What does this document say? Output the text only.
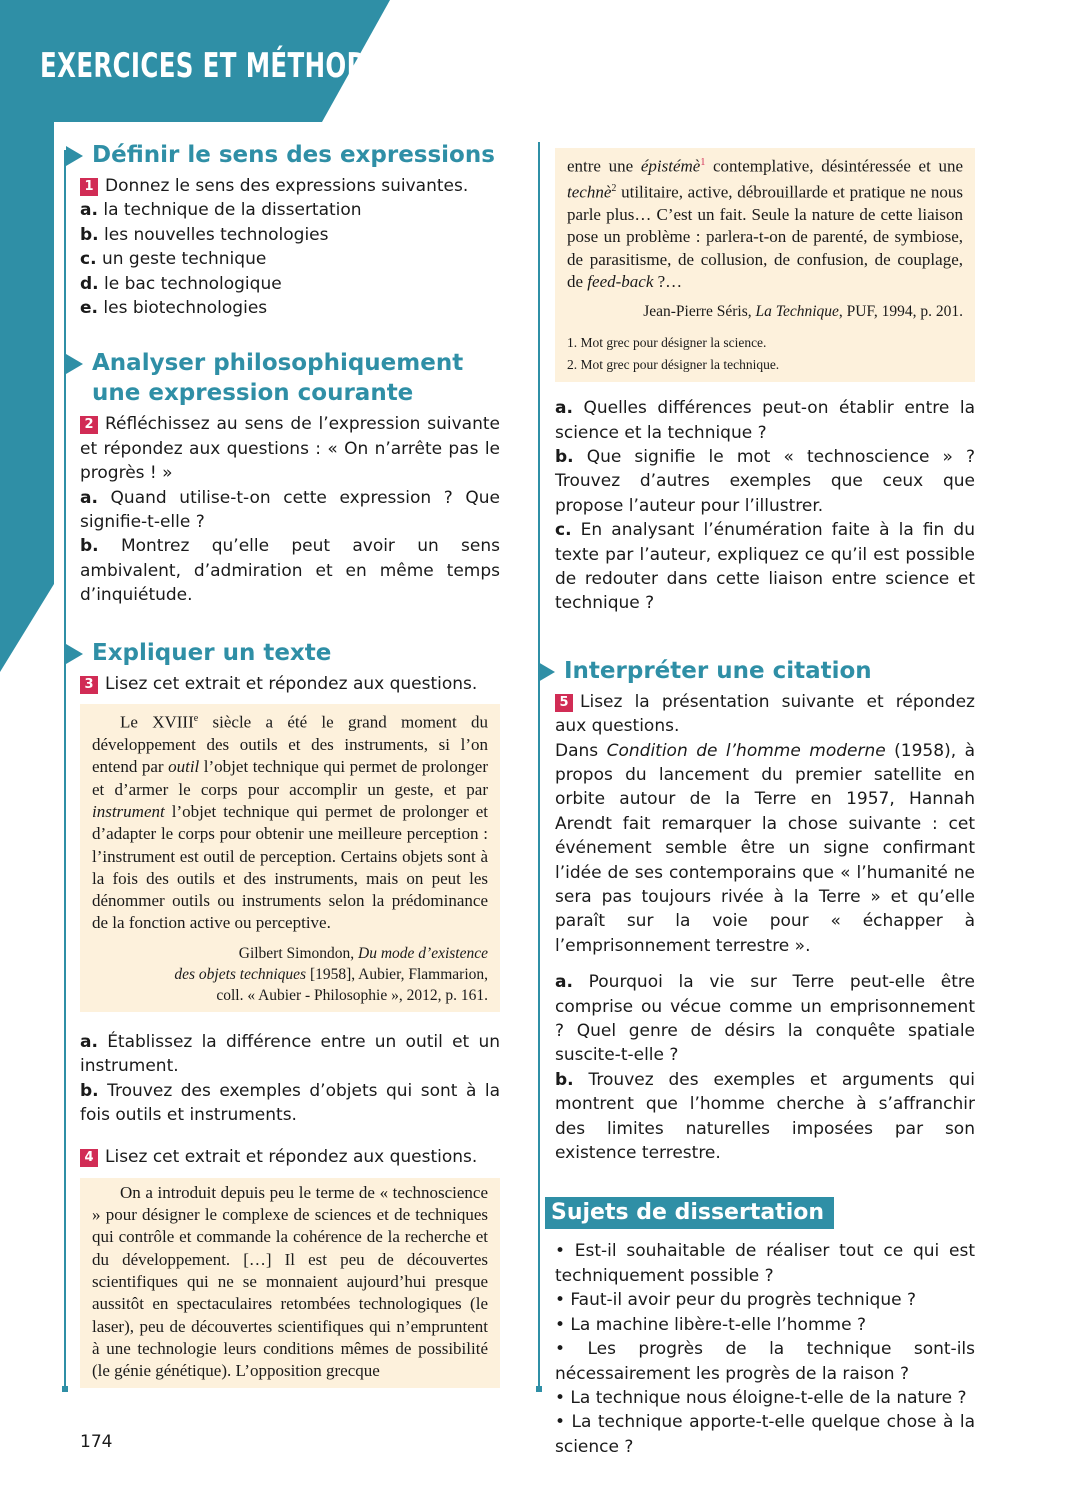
EXERCICES ET MÉTHODES
Définir le sens des expressions

1 Donnez le sens des expressions suivantes.

a. la technique de la dissertation

b. les nouvelles technologies

c. un geste technique

d. le bac technologique

e. les biotechnologies

Analyser philosophiquement
une expression courante

2 Réfléchissez au sens de l’expression suivante et répondez aux questions : « On n’arrête pas le progrès ! »

a. Quand utilise-t-on cette expression ? Que signifie-t-elle ?

b. Montrez qu’elle peut avoir un sens ambivalent, d’admiration et en même temps d’inquiétude.

Expliquer un texte

3 Lisez cet extrait et répondez aux questions.

Le XVIIIe siècle a été le grand moment du développement des outils et des instruments, si l’on entend par outil l’objet technique qui permet de prolonger et d’armer le corps pour accomplir un geste, et par instrument l’objet technique qui permet de prolonger et d’adapter le corps pour obtenir une meilleure perception : l’instrument est outil de perception. Certains objets sont à la fois des outils et des instruments, mais on peut les dénommer outils ou instruments selon la prédominance de la fonction active ou perceptive.

Gilbert Simondon, Du mode d’existence
des objets techniques [1958], Aubier, Flammarion,
coll. « Aubier - Philosophie », 2012, p. 161.

a. Établissez la différence entre un outil et un instrument.

b. Trouvez des exemples d’objets qui sont à la fois outils et instruments.

4 Lisez cet extrait et répondez aux questions.

On a introduit depuis peu le terme de « technoscience » pour désigner le complexe de sciences et de techniques qui contrôle et commande la cohérence de la recherche et du développement. […] Il est peu de découvertes scientifiques qui ne se monnaient aujourd’hui presque aussitôt en spectaculaires retombées technologiques (le laser), peu de découvertes scientifiques qui n’empruntent à une technologie leurs conditions mêmes de possibilité (le génie génétique). L’opposition grecque

entre une épistémè$^1$ contemplative, désintéressée et une technè$^2$ utilitaire, active, débrouillarde et pratique ne nous parle plus… C’est un fait. Seule la nature de cette liaison pose un problème : parlera-t-on de parenté, de symbiose, de parasitisme, de collusion, de confusion, de couplage, de feed-back ?…

Jean-Pierre Séris, La Technique, PUF, 1994, p. 201.

1. Mot grec pour désigner la science.
2. Mot grec pour désigner la technique.

a. Quelles différences peut-on établir entre la science et la technique ?

b. Que signifie le mot « technoscience » ? Trouvez d’autres exemples que ceux que propose l’auteur pour l’illustrer.

c. En analysant l’énumération faite à la fin du texte par l’auteur, expliquez ce qu’il est possible de redouter dans cette liaison entre science et technique ?

Interpréter une citation

5 Lisez la présentation suivante et répondez aux questions.

Dans Condition de l’homme moderne (1958), à propos du lancement du premier satellite en orbite autour de la Terre en 1957, Hannah Arendt fait remarquer la chose suivante : cet événement semble être un signe confirmant l’idée de ses contemporains que « l’humanité ne sera pas toujours rivée à la Terre » et qu’elle paraît sur la voie pour « échapper à l’emprisonnement terrestre ».

a. Pourquoi la vie sur Terre peut-elle être comprise ou vécue comme un emprisonnement ? Quel genre de désirs la conquête spatiale suscite-t-elle ?

b. Trouvez des exemples et arguments qui montrent que l’homme cherche à s’affranchir des limites naturelles imposées par son existence terrestre.

Sujets de dissertation

• Est-il souhaitable de réaliser tout ce qui est techniquement possible ?

• Faut-il avoir peur du progrès technique ?

• La machine libère-t-elle l’homme ?

• Les progrès de la technique sont-ils nécessairement les progrès de la raison ?

• La technique nous éloigne-t-elle de la nature ?

• La technique apporte-t-elle quelque chose à la science ?

174
